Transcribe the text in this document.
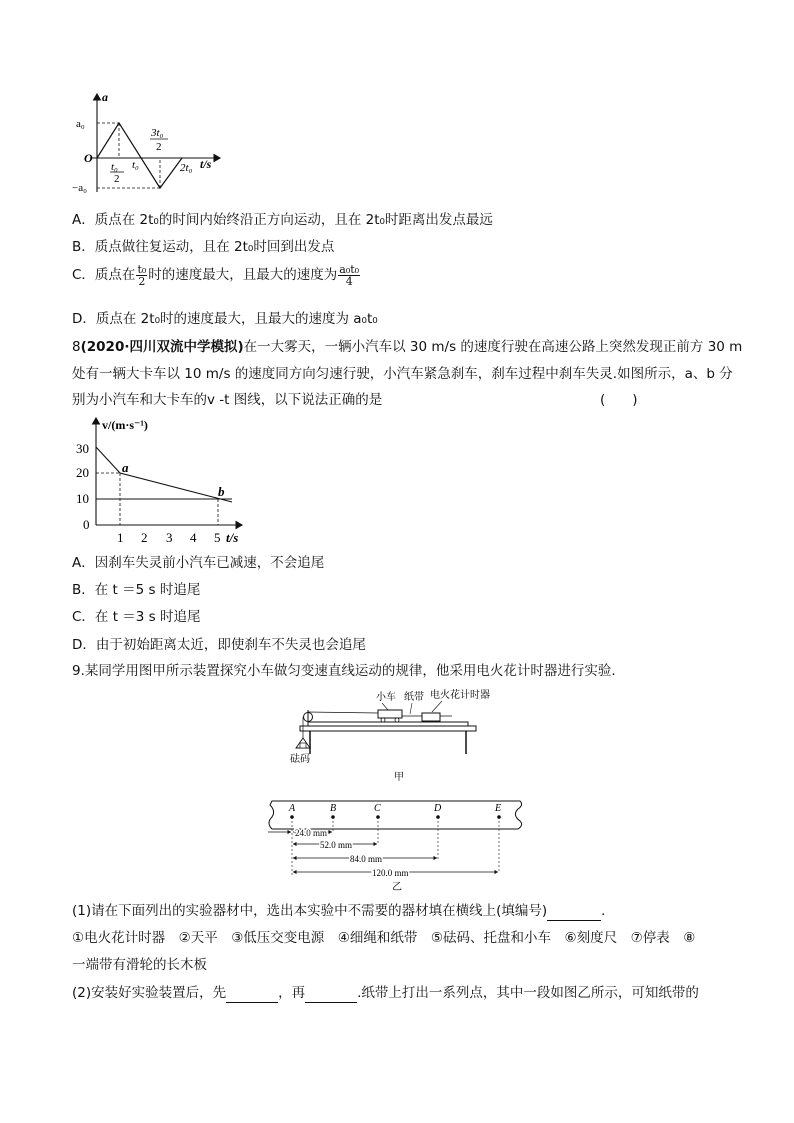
a
a₀
O
−a₀
t₀
2
t₀
3t₀
2
2t₀ t/s
A．质点在 2t₀的时间内始终沿正方向运动，且在 2t₀时距离出发点最远
B．质点做往复运动，且在 2t₀时回到出发点
C．质点在 $\frac{\text{t₀}}{2}$ 时的速度最大，且最大的速度为 $\frac{\text{a₀t₀}}{4}$
D．质点在 2t₀时的速度最大，且最大的速度为 a₀t₀
8(2020·四川双流中学模拟)在一大雾天，一辆小汽车以 30 m/s 的速度行驶在高速公路上突然发现正前方 30 m
处有一辆大卡车以 10 m/s 的速度同方向匀速行驶，小汽车紧急刹车，刹车过程中刹车失灵.如图所示，a、b 分
别为小汽车和大卡车的v -t 图线，以下说法正确的是	(　　)
v/(m·s⁻¹)
30
20
10
0
a
b
1 2 3 4 5 t/s
A．因刹车失灵前小汽车已减速，不会追尾
B．在 t ＝5 s 时追尾
C．在 t ＝3 s 时追尾
D．由于初始距离太近，即使刹车不失灵也会追尾
9.某同学用图甲所示装置探究小车做匀变速直线运动的规律，他采用电火花计时器进行实验.
小车 纸带 电火花计时器
砝码
甲
A	B	C	D	E
24.0 mm
52.0 mm
84.0 mm
120.0 mm
乙
(1)请在下面列出的实验器材中，选出本实验中不需要的器材填在横线上(填编号)	.
①电火花计时器　②天平　③低压交变电源　④细绳和纸带　⑤砝码、托盘和小车　⑥刻度尺　⑦停表　⑧
一端带有滑轮的长木板
(2)安装好实验装置后，先	，再	.纸带上打出一系列点，其中一段如图乙所示，可知纸带的
